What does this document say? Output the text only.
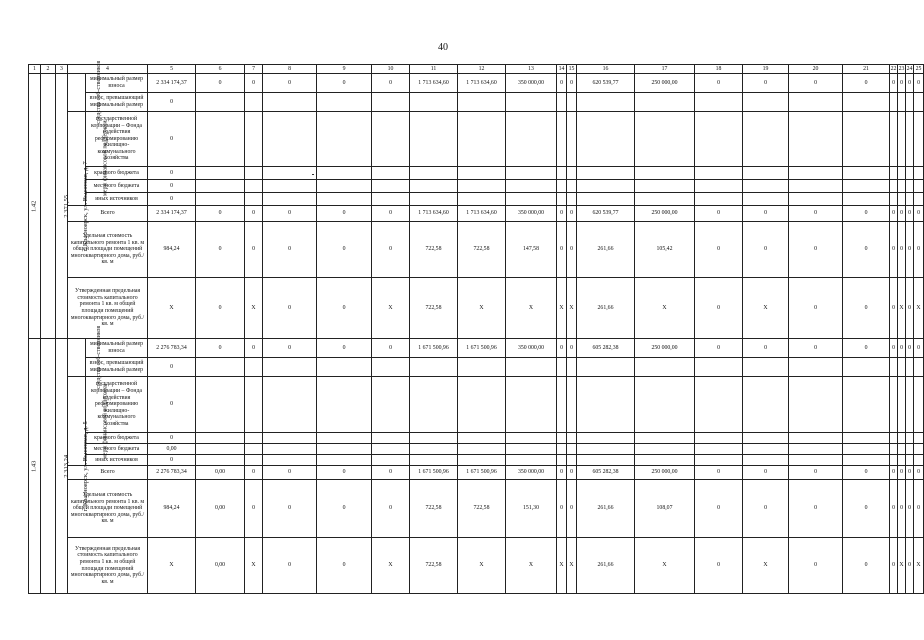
40
1	2	3	4		5	6	7	8	9	10	11	12	13	14	15	16	17	18	19	20	21	22	23	24	25
1.42	г. Красноярск, ул. Высотная, д. 7	2 371,55	средства соб-ственников	минимальный размер взноса	2 334 174,37	0	0	0	0	0	1 713 634,60	1 713 634,60	350 000,00	0	0	620 539,77	250 000,00	0	0	0	0	0	0	0	0
				взнос, превышающий минимальный размер	0																				
			меры финансовой поддержки	государственной корпорации – Фонда содействия реформированию жилищно-коммунального хозяйства	0																				
				краевого бюджета	0																				
				местного бюджета	0																				
				иных источников	0																				
			Всего		2 334 174,37	0	0	0	0	0	1 713 634,60	1 713 634,60	350 000,00	0	0	620 539,77	250 000,00	0	0	0	0	0	0	0	0
			Удельная стоимость капитального ремонта 1 кв. м общей площади помещений многоквартирного дома, руб./кв. м		984,24	0	0	0	0	0	722,58	722,58	147,58	0	0	261,66	105,42	0	0	0	0	0	0	0	0
			Утвержденная предельная стоимость капитального ремонта 1 кв. м общей площади помещений многоквартирного дома, руб./кв. м		X	0	X	0	0	X	722,58	X	X	X	X	261,66	X	0	X	0	0	0	X	0	X
1.43	г. Красноярск, ул. Высотная, д. 5	2 313,24	средства соб-ственников	минимальный размер взноса	2 276 783,34	0	0	0	0	0	1 671 500,96	1 671 500,96	350 000,00	0	0	605 282,38	250 000,00	0	0	0	0	0	0	0	0
				взнос, превышающий минимальный размер	0																				
			меры финансовой поддержки	государственной корпорации – Фонда содействия реформированию жилищно-коммунального хозяйства	0																				
				краевого бюджета	0																				
				местного бюджета	0,00																				
				иных источников	0																				
			Всего		2 276 783,34	0,00	0	0	0	0	1 671 500,96	1 671 500,96	350 000,00	0	0	605 282,38	250 000,00	0	0	0	0	0	0	0	0
			Удельная стоимость капитального ремонта 1 кв. м общей площади помещений многоквартирного дома, руб./кв. м		984,24	0,00	0	0	0	0	722,58	722,58	151,30	0	0	261,66	108,07	0	0	0	0	0	0	0	0
			Утвержденная предельная стоимость капитального ремонта 1 кв. м общей площади помещений многоквартирного дома, руб./кв. м		X	0,00	X	0	0	X	722,58	X	X	X	X	261,66	X	0	X	0	0	0	X	0	X
